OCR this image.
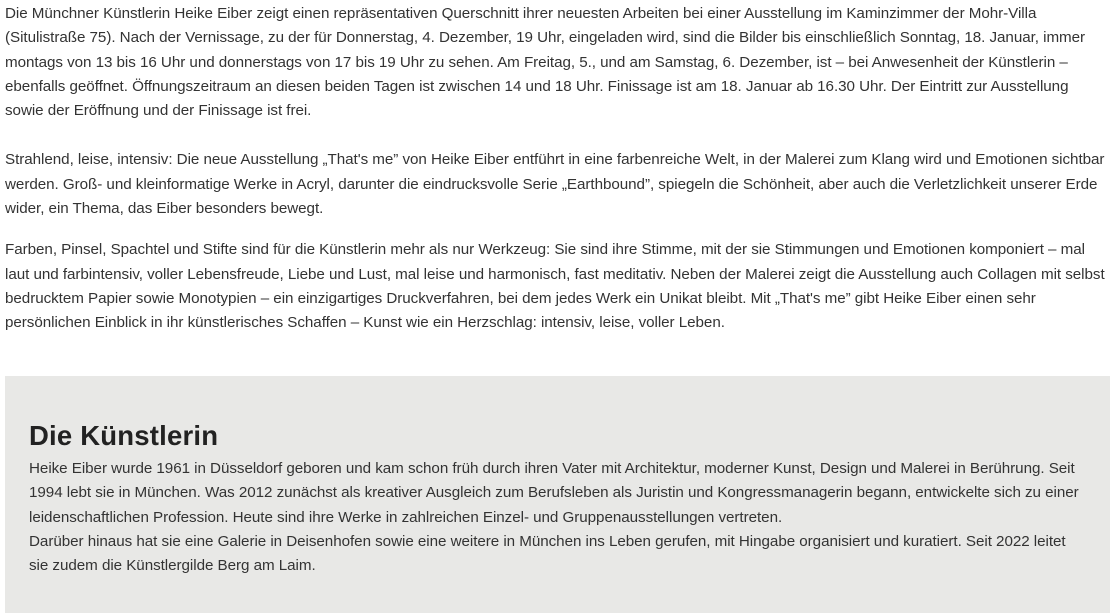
Die Münchner Künstlerin Heike Eiber zeigt einen repräsentativen Querschnitt ihrer neuesten Arbeiten bei einer Ausstellung im Kaminzimmer der Mohr-Villa (Situlistraße 75). Nach der Vernissage, zu der für Donnerstag, 4. Dezember, 19 Uhr, eingeladen wird, sind die Bilder bis einschließlich Sonntag, 18. Januar, immer montags von 13 bis 16 Uhr und donnerstags von 17 bis 19 Uhr zu sehen. Am Freitag, 5., und am Samstag, 6. Dezember, ist – bei Anwesenheit der Künstlerin – ebenfalls geöffnet. Öffnungszeitraum an diesen beiden Tagen ist zwischen 14 und 18 Uhr. Finissage ist am 18. Januar ab 16.30 Uhr. Der Eintritt zur Ausstellung sowie der Eröffnung und der Finissage ist frei.

Strahlend, leise, intensiv: Die neue Ausstellung „That's me” von Heike Eiber entführt in eine farbenreiche Welt, in der Malerei zum Klang wird und Emotionen sichtbar werden. Groß- und kleinformatige Werke in Acryl, darunter die eindrucksvolle Serie „Earthbound”, spiegeln die Schönheit, aber auch die Verletzlichkeit unserer Erde wider, ein Thema, das Eiber besonders bewegt.

Farben, Pinsel, Spachtel und Stifte sind für die Künstlerin mehr als nur Werkzeug: Sie sind ihre Stimme, mit der sie Stimmungen und Emotionen komponiert – mal laut und farbintensiv, voller Lebensfreude, Liebe und Lust, mal leise und harmonisch, fast meditativ. Neben der Malerei zeigt die Ausstellung auch Collagen mit selbst bedrucktem Papier sowie Monotypien – ein einzigartiges Druckverfahren, bei dem jedes Werk ein Unikat bleibt. Mit „That's me” gibt Heike Eiber einen sehr persönlichen Einblick in ihr künstlerisches Schaffen – Kunst wie ein Herzschlag: intensiv, leise, voller Leben.

Die Künstlerin

Heike Eiber wurde 1961 in Düsseldorf geboren und kam schon früh durch ihren Vater mit Architektur, moderner Kunst, Design und Malerei in Berührung. Seit 1994 lebt sie in München. Was 2012 zunächst als kreativer Ausgleich zum Berufsleben als Juristin und Kongressmanagerin begann, entwickelte sich zu einer leidenschaftlichen Profession. Heute sind ihre Werke in zahlreichen Einzel- und Gruppenausstellungen vertreten.

Darüber hinaus hat sie eine Galerie in Deisenhofen sowie eine weitere in München ins Leben gerufen, mit Hingabe organisiert und kuratiert. Seit 2022 leitet sie zudem die Künstlergilde Berg am Laim.
